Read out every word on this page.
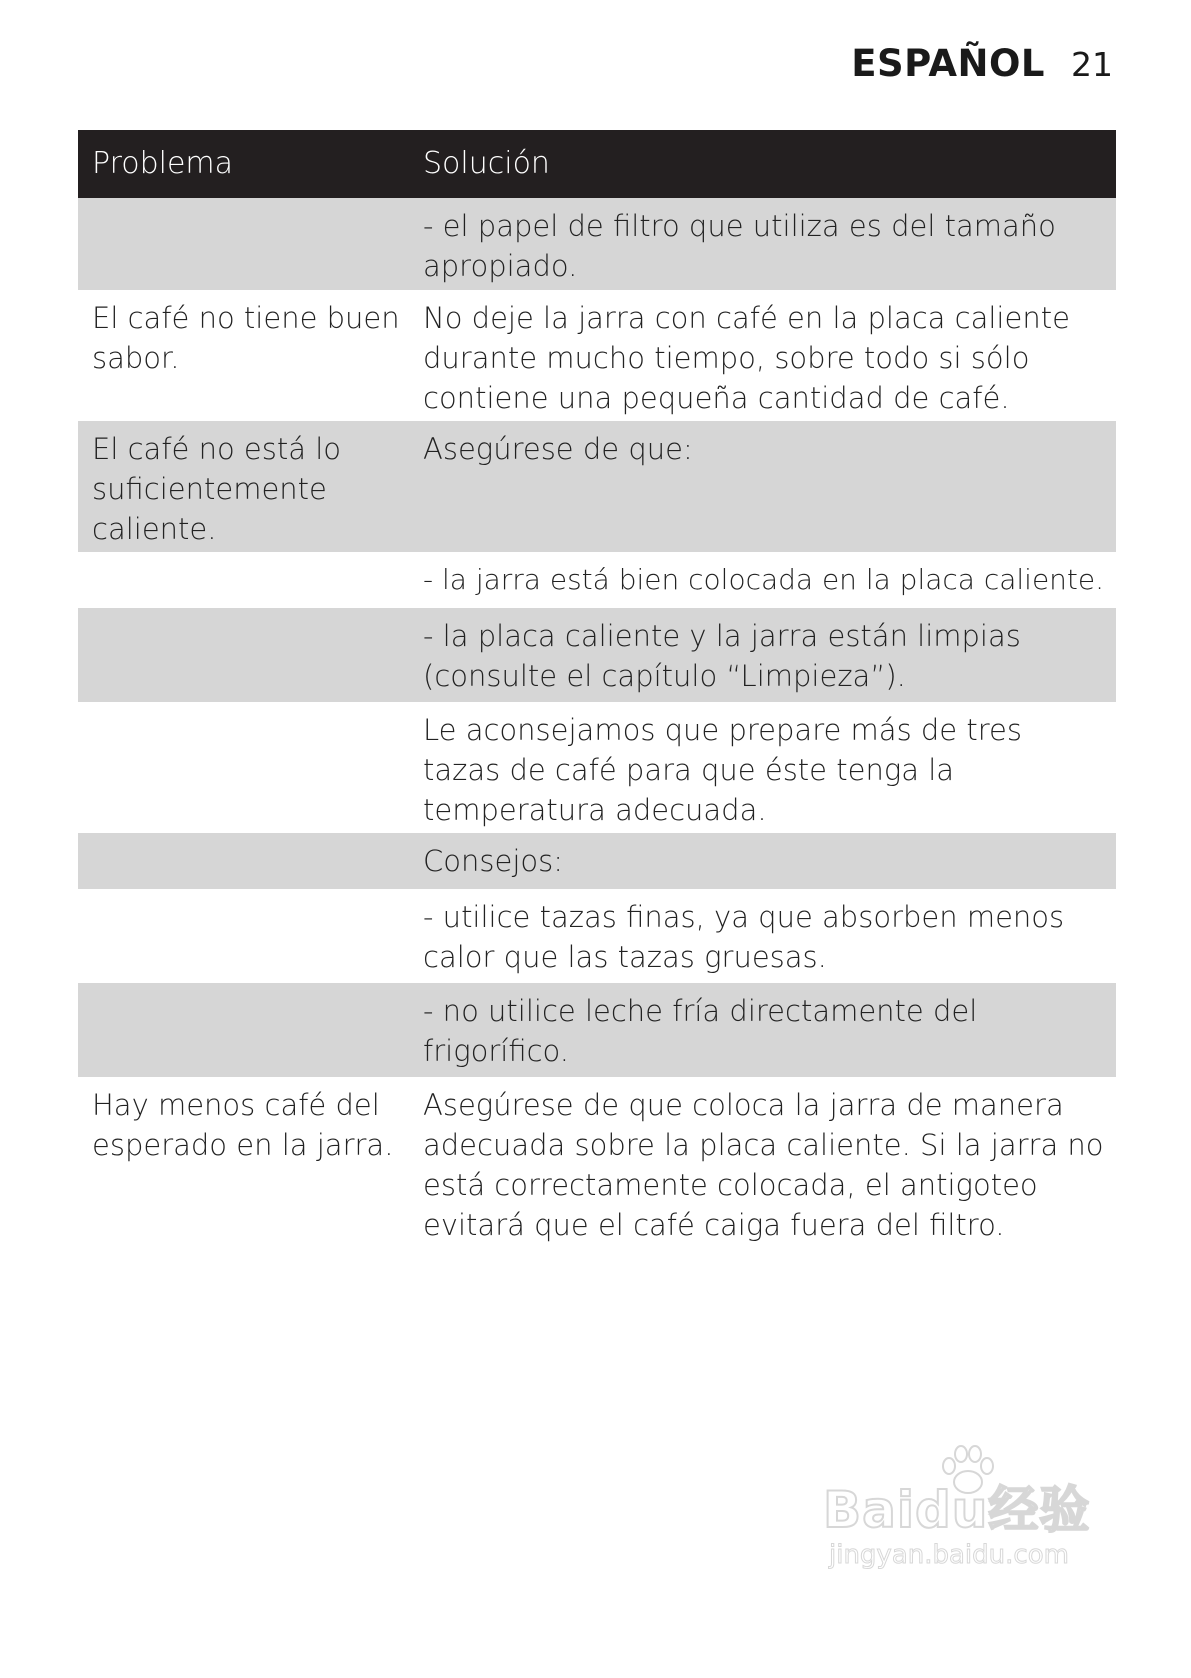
ESPAÑOL 21
Problema	Solución
- el papel de filtro que utiliza es del tamaño apropiado.
El café no tiene buen sabor.
No deje la jarra con café en la placa caliente durante mucho tiempo, sobre todo si sólo contiene una pequeña cantidad de café.
El café no está lo suficientemente caliente.
Asegúrese de que:
- la jarra está bien colocada en la placa caliente.
- la placa caliente y la jarra están limpias (consulte el capítulo “Limpieza”).
Le aconsejamos que prepare más de tres tazas de café para que éste tenga la temperatura adecuada.
Consejos:
- utilice tazas finas, ya que absorben menos calor que las tazas gruesas.
- no utilice leche fría directamente del frigorífico.
Hay menos café del esperado en la jarra.
Asegúrese de que coloca la jarra de manera adecuada sobre la placa caliente. Si la jarra no está correctamente colocada, el antigoteo evitará que el café caiga fuera del filtro.
Baidu经验
jingyan.baidu.com
